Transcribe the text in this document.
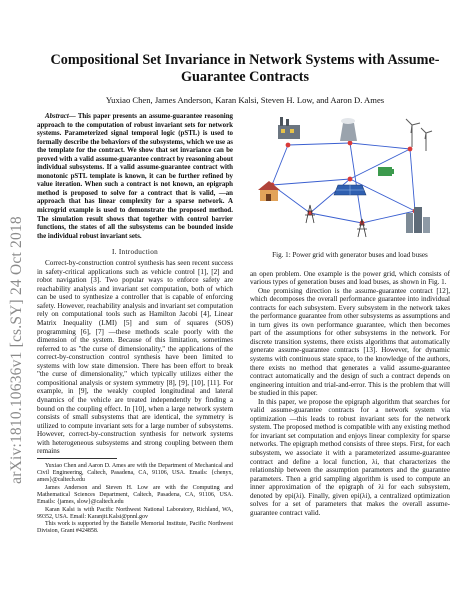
arXiv:1810.10636v1 [cs.SY] 24 Oct 2018
Compositional Set Invariance in Network Systems with Assume-Guarantee Contracts
Yuxiao Chen, James Anderson, Karan Kalsi, Steven H. Low, and Aaron D. Ames

Abstract— This paper presents an assume-guarantee reasoning approach to the computation of robust invariant sets for network systems. Parameterized signal temporal logic (pSTL) is used to formally describe the behaviors of the subsystems, which we use as the template for the contract. We show that set invariance can be proved with a valid assume-guarantee contract by reasoning about individual subsystems. If a valid assume-guarantee contract with monotonic pSTL template is known, it can be further refined by value iteration. When such a contract is not known, an epigraph method is proposed to solve for a contract that is valid, —an approach that has linear complexity for a sparse network. A microgrid example is used to demonstrate the proposed method. The simulation result shows that together with control barrier functions, the states of all the subsystems can be bounded inside the individual robust invariant sets.

I. Introduction

Correct-by-construction control synthesis has seen recent success in safety-critical applications such as vehicle control [1], [2] and robot navigation [3]. Two popular ways to enforce safety are reachability analysis and invariant set computation, both of which can be used to synthesize a controller that is capable of enforcing safety. However, reachability analysis and invariant set computation rely on computational tools such as Hamilton Jacobi [4], Linear Matrix Inequality (LMI) [5] and sum of squares (SOS) programming [6], [7] —these methods scale poorly with the dimension of the system. Because of this limitation, sometimes referred to as "the curse of dimensionality," the applications of the correct-by-construction control synthesis have been limited to systems with low state dimension. There has been effort to break "the curse of dimensionality," which typically utilizes either the compositional analysis or system symmetry [8], [9], [10], [11]. For example, in [9], the weakly coupled longitudinal and lateral dynamics of the vehicle are treated independently by finding a bound on the coupling effect. In [10], when a large network system consists of small subsystems that are identical, the symmetry is utilized to compute invariant sets for a large number of subsystems. However, correct-by-construction synthesis for network systems with heterogeneous subsystems and strong coupling between them remains

Yuxiao Chen and Aaron D. Ames are with the Department of Mechanical and Civil Engineering, Caltech, Pasadena, CA, 91106, USA. Emails: {chenyx, ames}@caltech.edu

James Anderson and Steven H. Low are with the Computing and Mathematical Sciences Department, Caltech, Pasadena, CA, 91106, USA. Emails: {james, slow}@caltech.edu

Karan Kalsi is with Pacific Northwest National Laboratory, Richland, WA, 99352, USA. Email: Karanjit.Kalsi@pnnl.gov

This work is supported by the Battelle Memorial Institute, Pacific Northwest Division, Grant #424858.

Fig. 1: Power grid with generator buses and load buses

an open problem. One example is the power grid, which consists of various types of generation buses and load buses, as shown in Fig. 1.

One promising direction is the assume-guarantee contract [12], which decomposes the overall performance guarantee into individual contracts for each subsystem. Every subsystem in the network takes the performance guarantee from other subsystems as assumptions and in turn gives its own performance guarantee, which then becomes part of the assumptions for other subsystems in the network. For discrete transition systems, there exists algorithms that automatically generate assume-guarantee contracts [13]. However, for dynamic systems with continuous state space, to the knowledge of the authors, there exists no method that generates a valid assume-guarantee contract automatically and the design of such a contract depends on engineering intuition and trial-and-error. This is the problem that will be studied in this paper.

In this paper, we propose the epigraph algorithm that searches for valid assume-guarantee contracts for a network system via optimization —this leads to robust invariant sets for the network system. The proposed method is compatible with any existing method for invariant set computation and enjoys linear complexity for sparse networks. The epigraph method consists of three steps. First, for each subsystem, we associate it with a parameterized assume-guarantee contract and define a local function, λi, that characterizes the relationship between the assumption parameters and the guarantee parameters. Then a grid sampling algorithm is used to compute an inner approximation of the epigraph of λi for each subsystem, denoted by epi(λi). Finally, given epi(λi), a centralized optimization solves for a set of parameters that makes the overall assume-guarantee contract valid.
